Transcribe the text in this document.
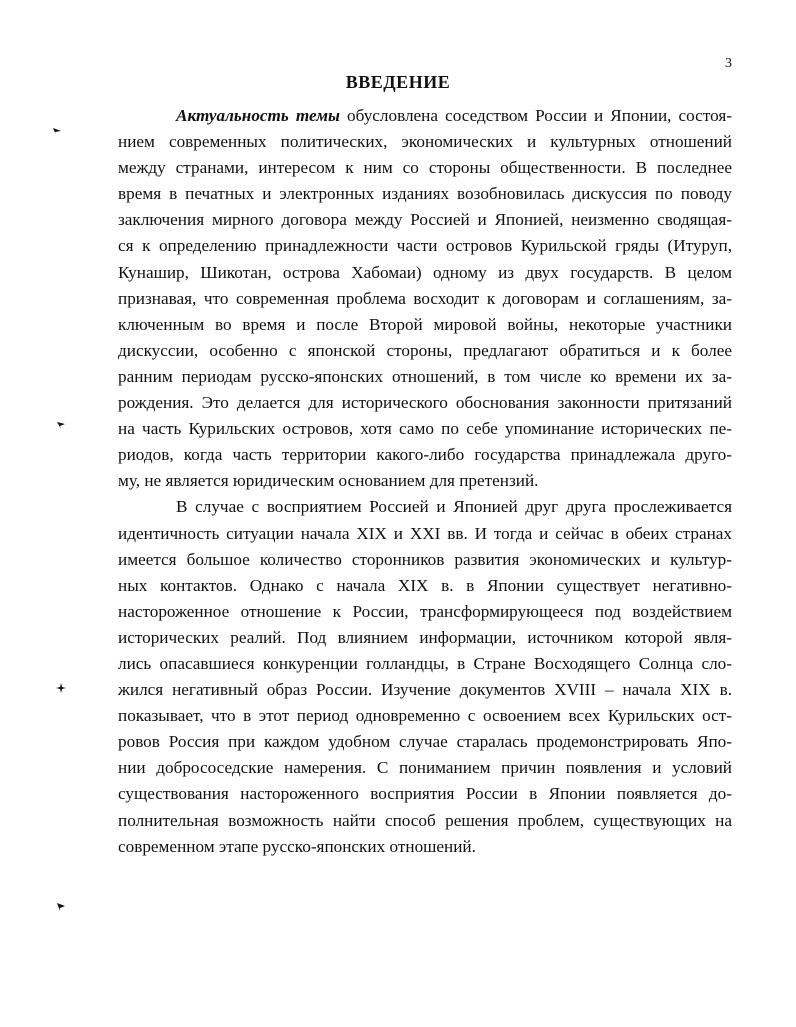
3
ВВЕДЕНИЕ
Актуальность темы обусловлена соседством России и Японии, состоя-
нием современных политических, экономических и культурных отношений
между странами, интересом к ним со стороны общественности. В последнее
время в печатных и электронных изданиях возобновилась дискуссия по поводу
заключения мирного договора между Россией и Японией, неизменно сводящая-
ся к определению принадлежности части островов Курильской гряды (Итуруп,
Кунашир, Шикотан, острова Хабомаи) одному из двух государств. В целом
признавая, что современная проблема восходит к договорам и соглашениям, за-
ключенным во время и после Второй мировой войны, некоторые участники
дискуссии, особенно с японской стороны, предлагают обратиться и к более
ранним периодам русско-японских отношений, в том числе ко времени их за-
рождения. Это делается для исторического обоснования законности притязаний
на часть Курильских островов, хотя само по себе упоминание исторических пе-
риодов, когда часть территории какого-либо государства принадлежала друго-
му, не является юридическим основанием для претензий.
В случае с восприятием Россией и Японией друг друга прослеживается
идентичность ситуации начала XIX и XXI вв. И тогда и сейчас в обеих странах
имеется большое количество сторонников развития экономических и культур-
ных контактов. Однако с начала XIX в. в Японии существует негативно-
настороженное отношение к России, трансформирующееся под воздействием
исторических реалий. Под влиянием информации, источником которой явля-
лись опасавшиеся конкуренции голландцы, в Стране Восходящего Солнца сло-
жился негативный образ России. Изучение документов XVIII – начала XIX в.
показывает, что в этот период одновременно с освоением всех Курильских ост-
ровов Россия при каждом удобном случае старалась продемонстрировать Япо-
нии добрососедские намерения. С пониманием причин появления и условий
существования настороженного восприятия России в Японии появляется до-
полнительная возможность найти способ решения проблем, существующих на
современном этапе русско-японских отношений.
